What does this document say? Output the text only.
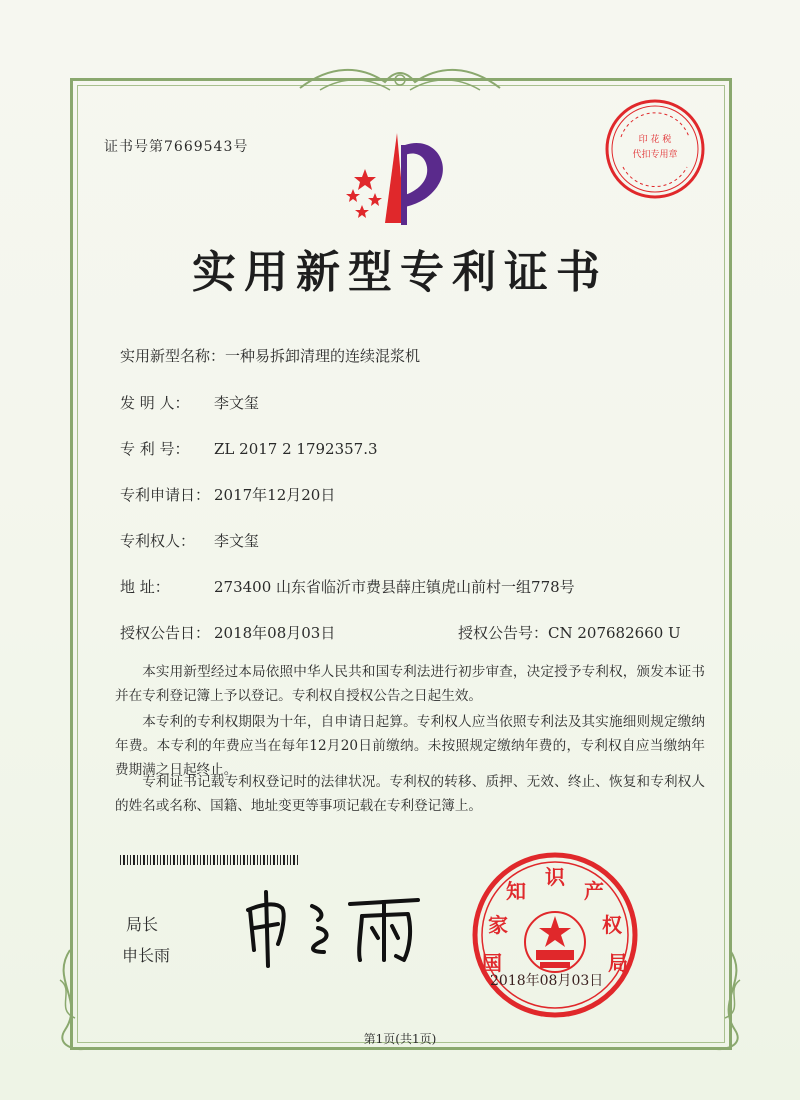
证书号第7669543号
实用新型专利证书
实用新型名称：一种易拆卸清理的连续混浆机
发 明 人： 李文玺
专 利 号： ZL 2017 2 1792357.3
专利申请日： 2017年12月20日
专利权人： 李文玺
地 址：	273400 山东省临沂市费县薛庄镇虎山前村一组778号
授权公告日： 2018年08月03日	授权公告号：CN 207682660 U
本实用新型经过本局依照中华人民共和国专利法进行初步审查，决定授予专利权，颁发本证书并在专利登记簿上予以登记。专利权自授权公告之日起生效。
本专利的专利权期限为十年，自申请日起算。专利权人应当依照专利法及其实施细则规定缴纳年费。本专利的年费应当在每年12月20日前缴纳。未按照规定缴纳年费的，专利权自应当缴纳年费期满之日起终止。
专利证书记载专利权登记时的法律状况。专利权的转移、质押、无效、终止、恢复和专利权人的姓名或名称、国籍、地址变更等事项记载在专利登记簿上。
局长
申长雨	国
家
知
识
产
权
局
2018年08月03日
印 花 税
代扣专用章
第1页(共1页)
